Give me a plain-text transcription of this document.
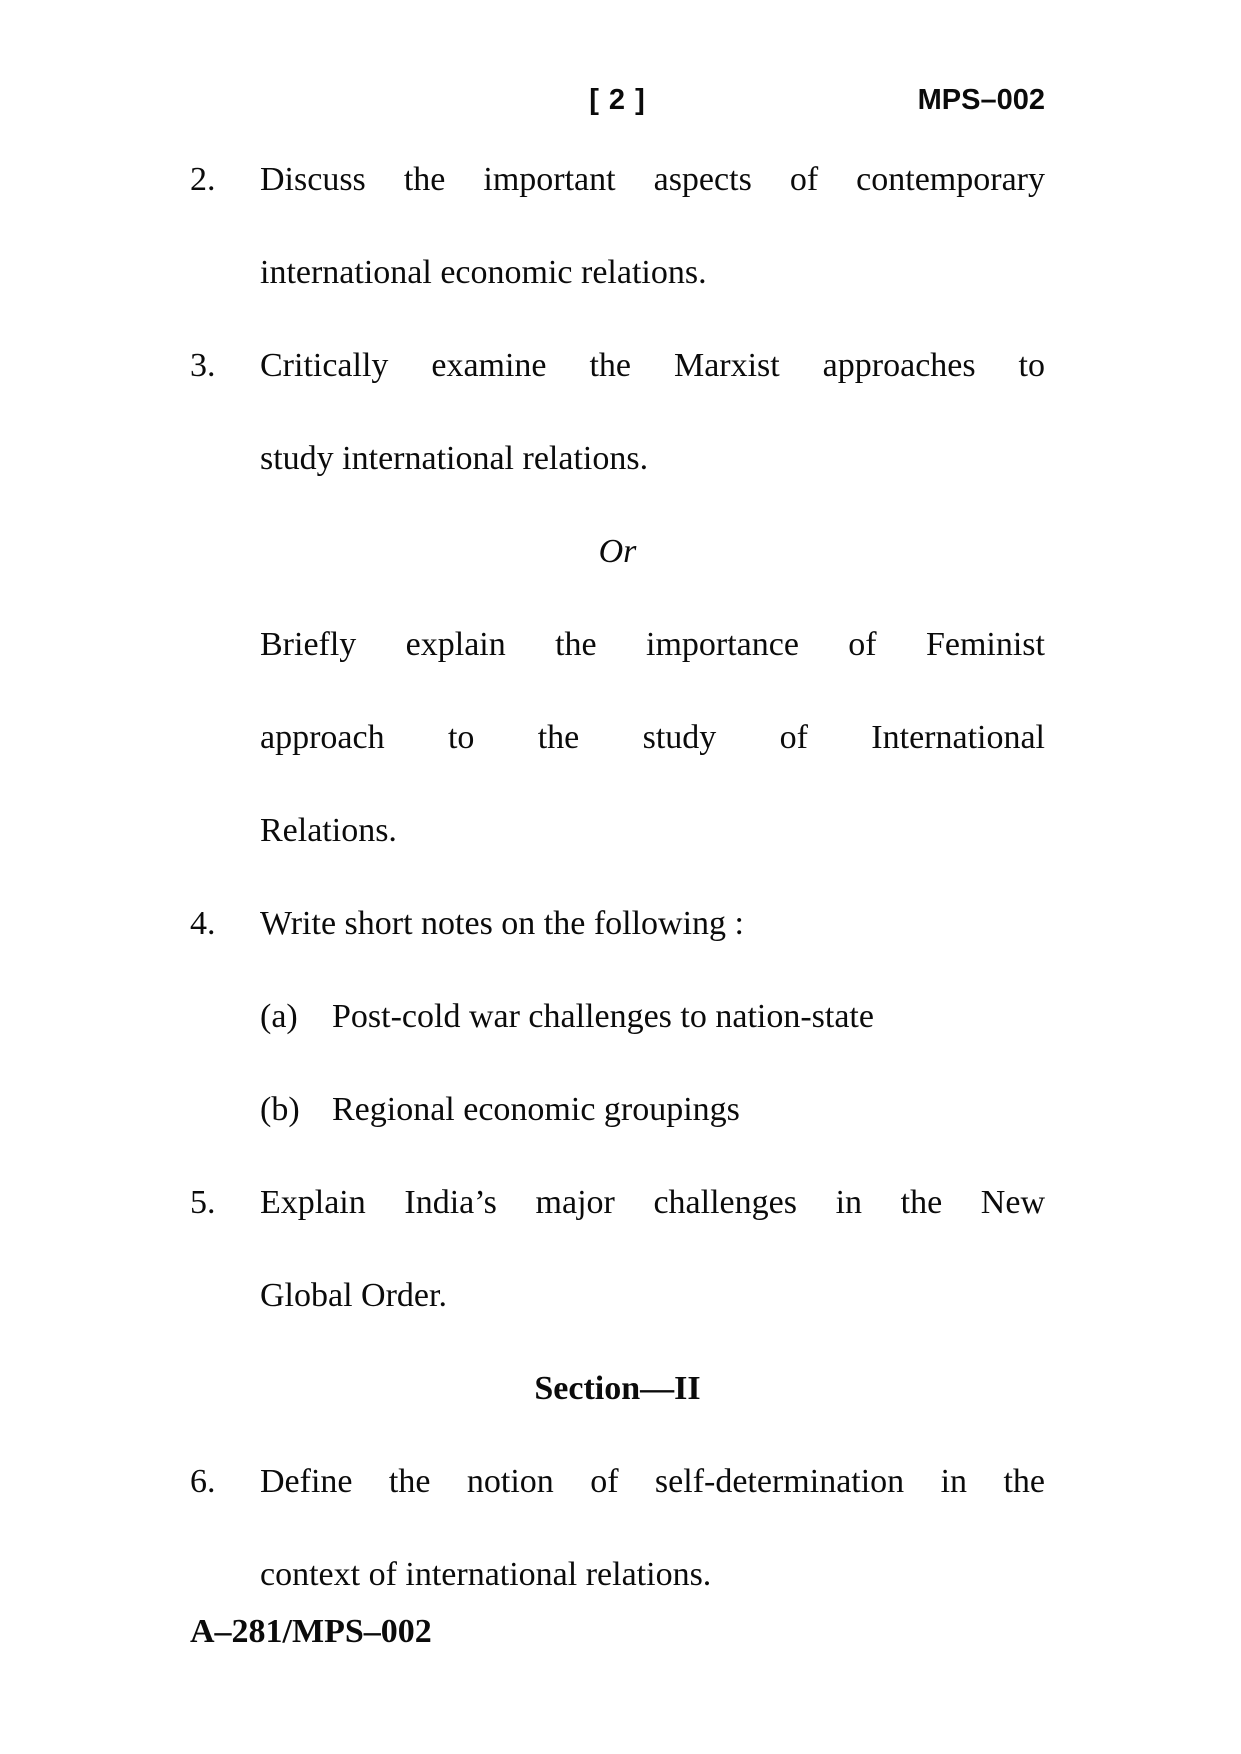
[ 2 ]	MPS–002
2. Discuss the important aspects of contemporary
international economic relations.
3. Critically examine the Marxist approaches to
study international relations.
Or
Briefly explain the importance of Feminist
approach to the study of International
Relations.
4. Write short notes on the following :
(a) Post-cold war challenges to nation-state
(b) Regional economic groupings
5. Explain India’s major challenges in the New
Global Order.
Section—II
6. Define the notion of self-determination in the
context of international relations.
A–281/MPS–002
